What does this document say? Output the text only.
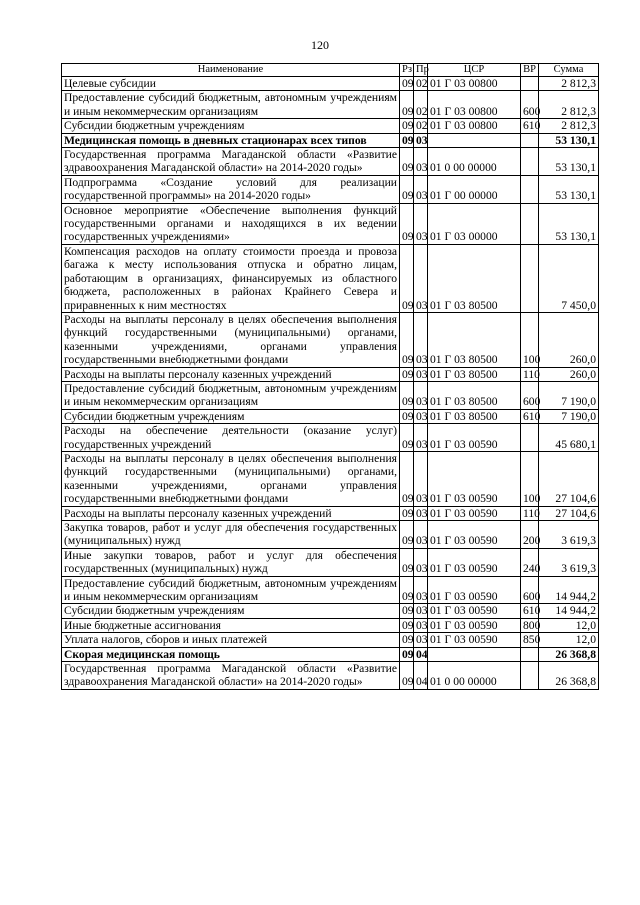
120
Наименование	Рз	Пр	ЦСР	ВР	Сумма
Целевые субсидии	09	02	01 Г 03 00800		2 812,3
Предоставление субсидий бюджетным, автономным учреждениям и иным некоммерческим организациям	09	02	01 Г 03 00800	600	2 812,3
Субсидии бюджетным учреждениям	09	02	01 Г 03 00800	610	2 812,3
Медицинская помощь в дневных стационарах всех типов	09	03			53 130,1
Государственная программа Магаданской области «Развитие здравоохранения Магаданской области» на 2014-2020 годы»	09	03	01 0 00 00000		53 130,1
Подпрограмма «Создание условий для реализации государственной программы» на 2014-2020 годы»	09	03	01 Г 00 00000		53 130,1
Основное мероприятие «Обеспечение выполнения функций государственными органами и находящихся в их ведении государственных учреждениями»	09	03	01 Г 03 00000		53 130,1
Компенсация расходов на оплату стоимости проезда и провоза багажа к месту использования отпуска и обратно лицам, работающим в организациях, финансируемых из областного бюджета, расположенных в районах Крайнего Севера и приравненных к ним местностях	09	03	01 Г 03 80500		7 450,0
Расходы на выплаты персоналу в целях обеспечения выполнения функций государственными (муниципальными) органами, казенными учреждениями, органами управления государственными внебюджетными фондами	09	03	01 Г 03 80500	100	260,0
Расходы на выплаты персоналу казенных учреждений	09	03	01 Г 03 80500	110	260,0
Предоставление субсидий бюджетным, автономным учреждениям и иным некоммерческим организациям	09	03	01 Г 03 80500	600	7 190,0
Субсидии бюджетным учреждениям	09	03	01 Г 03 80500	610	7 190,0
Расходы на обеспечение деятельности (оказание услуг) государственных учреждений	09	03	01 Г 03 00590		45 680,1
Расходы на выплаты персоналу в целях обеспечения выполнения функций государственными (муниципальными) органами, казенными учреждениями, органами управления государственными внебюджетными фондами	09	03	01 Г 03 00590	100	27 104,6
Расходы на выплаты персоналу казенных учреждений	09	03	01 Г 03 00590	110	27 104,6
Закупка товаров, работ и услуг для обеспечения государственных (муниципальных) нужд	09	03	01 Г 03 00590	200	3 619,3
Иные закупки товаров, работ и услуг для обеспечения государственных (муниципальных) нужд	09	03	01 Г 03 00590	240	3 619,3
Предоставление субсидий бюджетным, автономным учреждениям и иным некоммерческим организациям	09	03	01 Г 03 00590	600	14 944,2
Субсидии бюджетным учреждениям	09	03	01 Г 03 00590	610	14 944,2
Иные бюджетные ассигнования	09	03	01 Г 03 00590	800	12,0
Уплата налогов, сборов и иных платежей	09	03	01 Г 03 00590	850	12,0
Скорая медицинская помощь	09	04			26 368,8
Государственная программа Магаданской области «Развитие здравоохранения Магаданской области» на 2014-2020 годы»	09	04	01 0 00 00000		26 368,8
